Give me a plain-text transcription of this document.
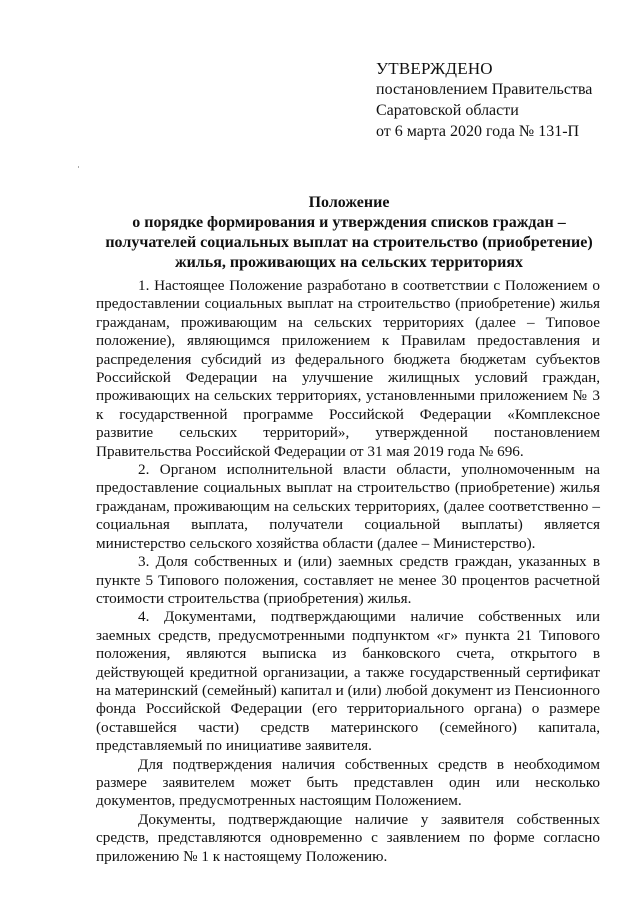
УТВЕРЖДЕНО
постановлением Правительства
Саратовской области
от 6 марта 2020 года № 131-П
Положение
о порядке формирования и утверждения списков граждан –
получателей социальных выплат на строительство (приобретение)
жилья, проживающих на сельских территориях

1. Настоящее Положение разработано в соответствии с Положением о предоставлении социальных выплат на строительство (приобретение) жилья гражданам, проживающим на сельских территориях (далее – Типовое положение), являющимся приложением к Правилам предоставления и распределения субсидий из федерального бюджета бюджетам субъектов Российской Федерации на улучшение жилищных условий граждан, проживающих на сельских территориях, установленными приложением № 3 к государственной программе Российской Федерации «Комплексное развитие сельских территорий», утвержденной постановлением Правительства Российской Федерации от 31 мая 2019 года № 696.

2. Органом исполнительной власти области, уполномоченным на предоставление социальных выплат на строительство (приобретение) жилья гражданам, проживающим на сельских территориях, (далее соответственно – социальная выплата, получатели социальной выплаты) является министерство сельского хозяйства области (далее – Министерство).

3. Доля собственных и (или) заемных средств граждан, указанных в пункте 5 Типового положения, составляет не менее 30 процентов расчетной стоимости строительства (приобретения) жилья.

4. Документами, подтверждающими наличие собственных или заемных средств, предусмотренными подпунктом «г» пункта 21 Типового положения, являются выписка из банковского счета, открытого в действующей кредитной организации, а также государственный сертификат на материнский (семейный) капитал и (или) любой документ из Пенсионного фонда Российской Федерации (его территориального органа) о размере (оставшейся части) средств материнского (семейного) капитала, представляемый по инициативе заявителя.

Для подтверждения наличия собственных средств в необходимом размере заявителем может быть представлен один или несколько документов, предусмотренных настоящим Положением.

Документы, подтверждающие наличие у заявителя собственных средств, представляются одновременно с заявлением по форме согласно приложению № 1 к настоящему Положению.
